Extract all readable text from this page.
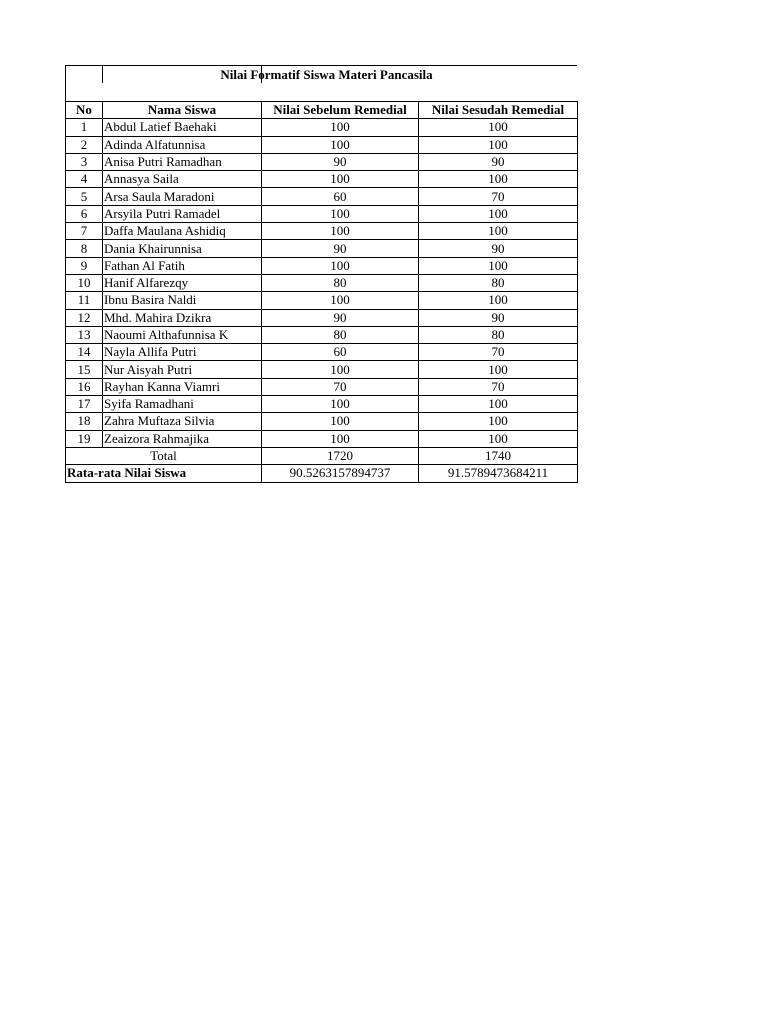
Nilai Formatif Siswa Materi Pancasila
No	Nama Siswa	Nilai Sebelum Remedial	Nilai Sesudah Remedial
1	Abdul Latief Baehaki	100	100
2	Adinda Alfatunnisa	100	100
3	Anisa Putri Ramadhan	90	90
4	Annasya Saila	100	100
5	Arsa Saula Maradoni	60	70
6	Arsyila Putri Ramadel	100	100
7	Daffa Maulana Ashidiq	100	100
8	Dania Khairunnisa	90	90
9	Fathan Al Fatih	100	100
10	Hanif Alfarezqy	80	80
11	Ibnu Basira Naldi	100	100
12	Mhd. Mahira Dzikra	90	90
13	Naoumi Althafunnisa K	80	80
14	Nayla Allifa Putri	60	70
15	Nur Aisyah Putri	100	100
16	Rayhan Kanna Viamri	70	70
17	Syifa Ramadhani	100	100
18	Zahra Muftaza Silvia	100	100
19	Zeaizora Rahmajika	100	100
Total		1720	1740
Rata-rata Nilai Siswa		90.5263157894737	91.5789473684211
